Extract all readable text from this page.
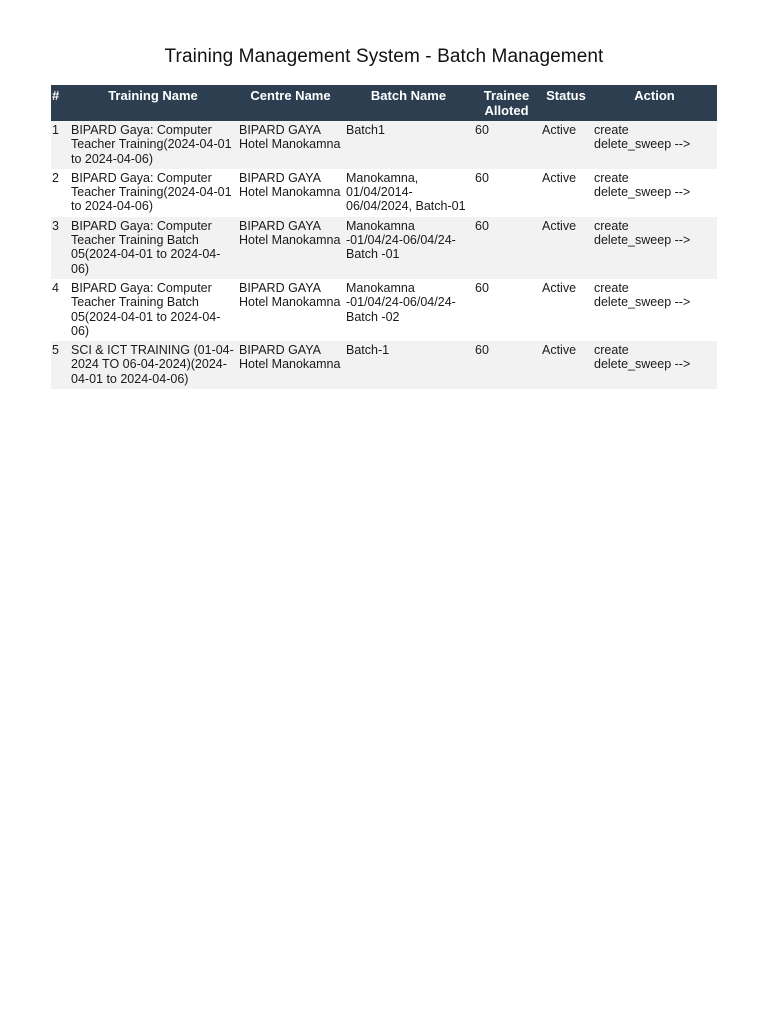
Training Management System - Batch Management
#	Training Name	Centre Name	Batch Name	Trainee Alloted	Status	Action
1	BIPARD Gaya: Computer Teacher Training(2024-04-01 to 2024-04-06)	BIPARD GAYA Hotel Manokamna	Batch1	60	Active	create
delete_sweep -->

2	BIPARD Gaya: Computer Teacher Training(2024-04-01 to 2024-04-06)	BIPARD GAYA Hotel Manokamna	Manokamna, 01/04/2014-06/04/2024, Batch-01	60	Active	create
delete_sweep -->

3	BIPARD Gaya: Computer Teacher Training Batch 05(2024-04-01 to 2024-04-06)	BIPARD GAYA Hotel Manokamna	Manokamna -01/04/24-06/04/24-Batch -01	60	Active	create
delete_sweep -->

4	BIPARD Gaya: Computer Teacher Training Batch 05(2024-04-01 to 2024-04-06)	BIPARD GAYA Hotel Manokamna	Manokamna -01/04/24-06/04/24-Batch -02	60	Active	create
delete_sweep -->

5	SCI & ICT TRAINING (01-04-2024 TO 06-04-2024)(2024-04-01 to 2024-04-06)	BIPARD GAYA Hotel Manokamna	Batch-1	60	Active	create
delete_sweep -->
